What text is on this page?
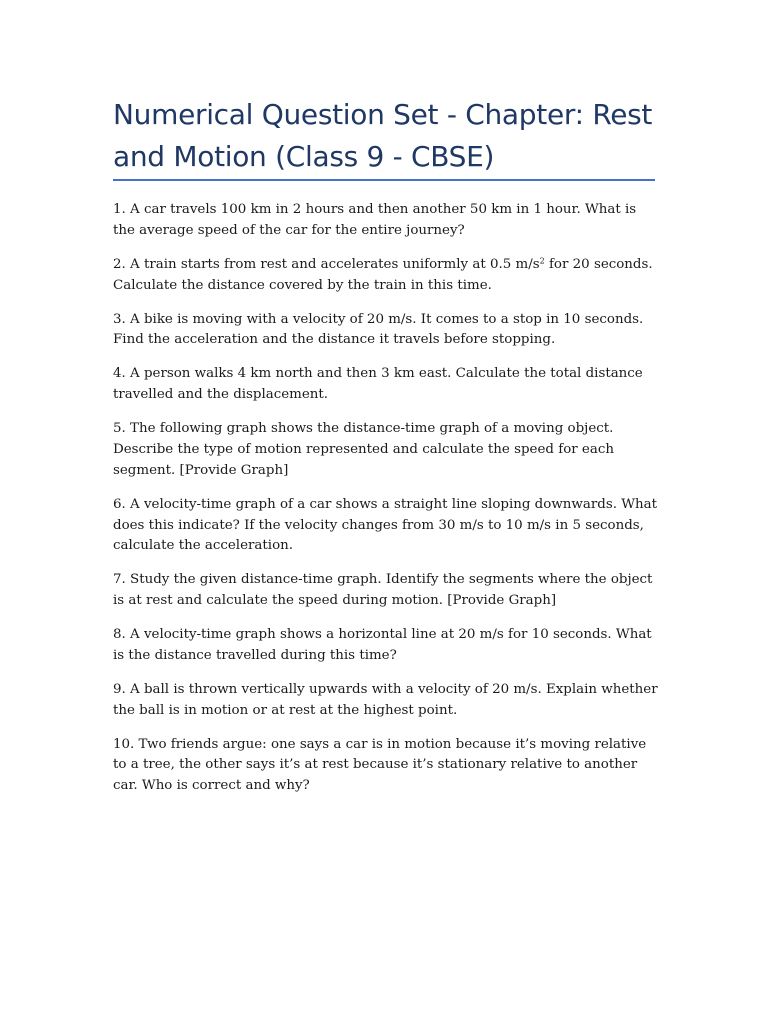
Numerical Question Set - Chapter: Rest and Motion (Class 9 - CBSE)
1. A car travels 100 km in 2 hours and then another 50 km in 1 hour. What is the average speed of the car for the entire journey?
2. A train starts from rest and accelerates uniformly at 0.5 $m/s^2$ for 20 seconds. Calculate the distance covered by the train in this time.
3. A bike is moving with a velocity of 20 m/s. It comes to a stop in 10 seconds. Find the acceleration and the distance it travels before stopping.
4. A person walks 4 km north and then 3 km east. Calculate the total distance travelled and the displacement.
5. The following graph shows the distance-time graph of a moving object. Describe the type of motion represented and calculate the speed for each segment. [Provide Graph]
6. A velocity-time graph of a car shows a straight line sloping downwards. What does this indicate? If the velocity changes from 30 m/s to 10 m/s in 5 seconds, calculate the acceleration.
7. Study the given distance-time graph. Identify the segments where the object is at rest and calculate the speed during motion. [Provide Graph]
8. A velocity-time graph shows a horizontal line at 20 m/s for 10 seconds. What is the distance travelled during this time?
9. A ball is thrown vertically upwards with a velocity of 20 m/s. Explain whether the ball is in motion or at rest at the highest point.
10. Two friends argue: one says a car is in motion because it’s moving relative to a tree, the other says it’s at rest because it’s stationary relative to another car. Who is correct and why?
